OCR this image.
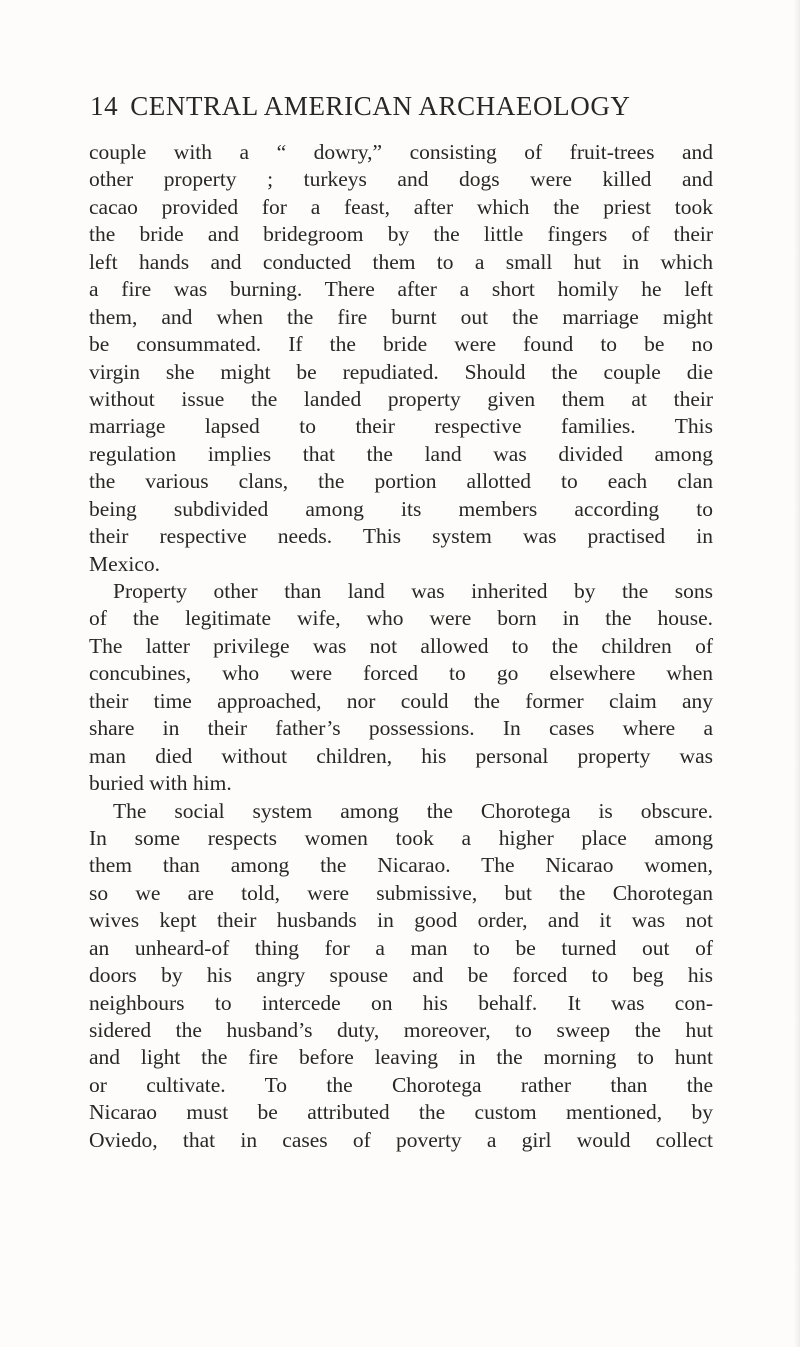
14 CENTRAL AMERICAN ARCHAEOLOGY
couple with a “ dowry,” consisting of fruit-trees and
other property ; turkeys and dogs were killed and
cacao provided for a feast, after which the priest took
the bride and bridegroom by the little fingers of their
left hands and conducted them to a small hut in which
a fire was burning. There after a short homily he left
them, and when the fire burnt out the marriage might
be consummated. If the bride were found to be no
virgin she might be repudiated. Should the couple die
without issue the landed property given them at their
marriage lapsed to their respective families. This
regulation implies that the land was divided among
the various clans, the portion allotted to each clan
being subdivided among its members according to
their respective needs. This system was practised in
Mexico.
Property other than land was inherited by the sons
of the legitimate wife, who were born in the house.
The latter privilege was not allowed to the children of
concubines, who were forced to go elsewhere when
their time approached, nor could the former claim any
share in their father’s possessions. In cases where a
man died without children, his personal property was
buried with him.
The social system among the Chorotega is obscure.
In some respects women took a higher place among
them than among the Nicarao. The Nicarao women,
so we are told, were submissive, but the Chorotegan
wives kept their husbands in good order, and it was not
an unheard-of thing for a man to be turned out of
doors by his angry spouse and be forced to beg his
neighbours to intercede on his behalf. It was con-
sidered the husband’s duty, moreover, to sweep the hut
and light the fire before leaving in the morning to hunt
or cultivate. To the Chorotega rather than the
Nicarao must be attributed the custom mentioned, by
Oviedo, that in cases of poverty a girl would collect
